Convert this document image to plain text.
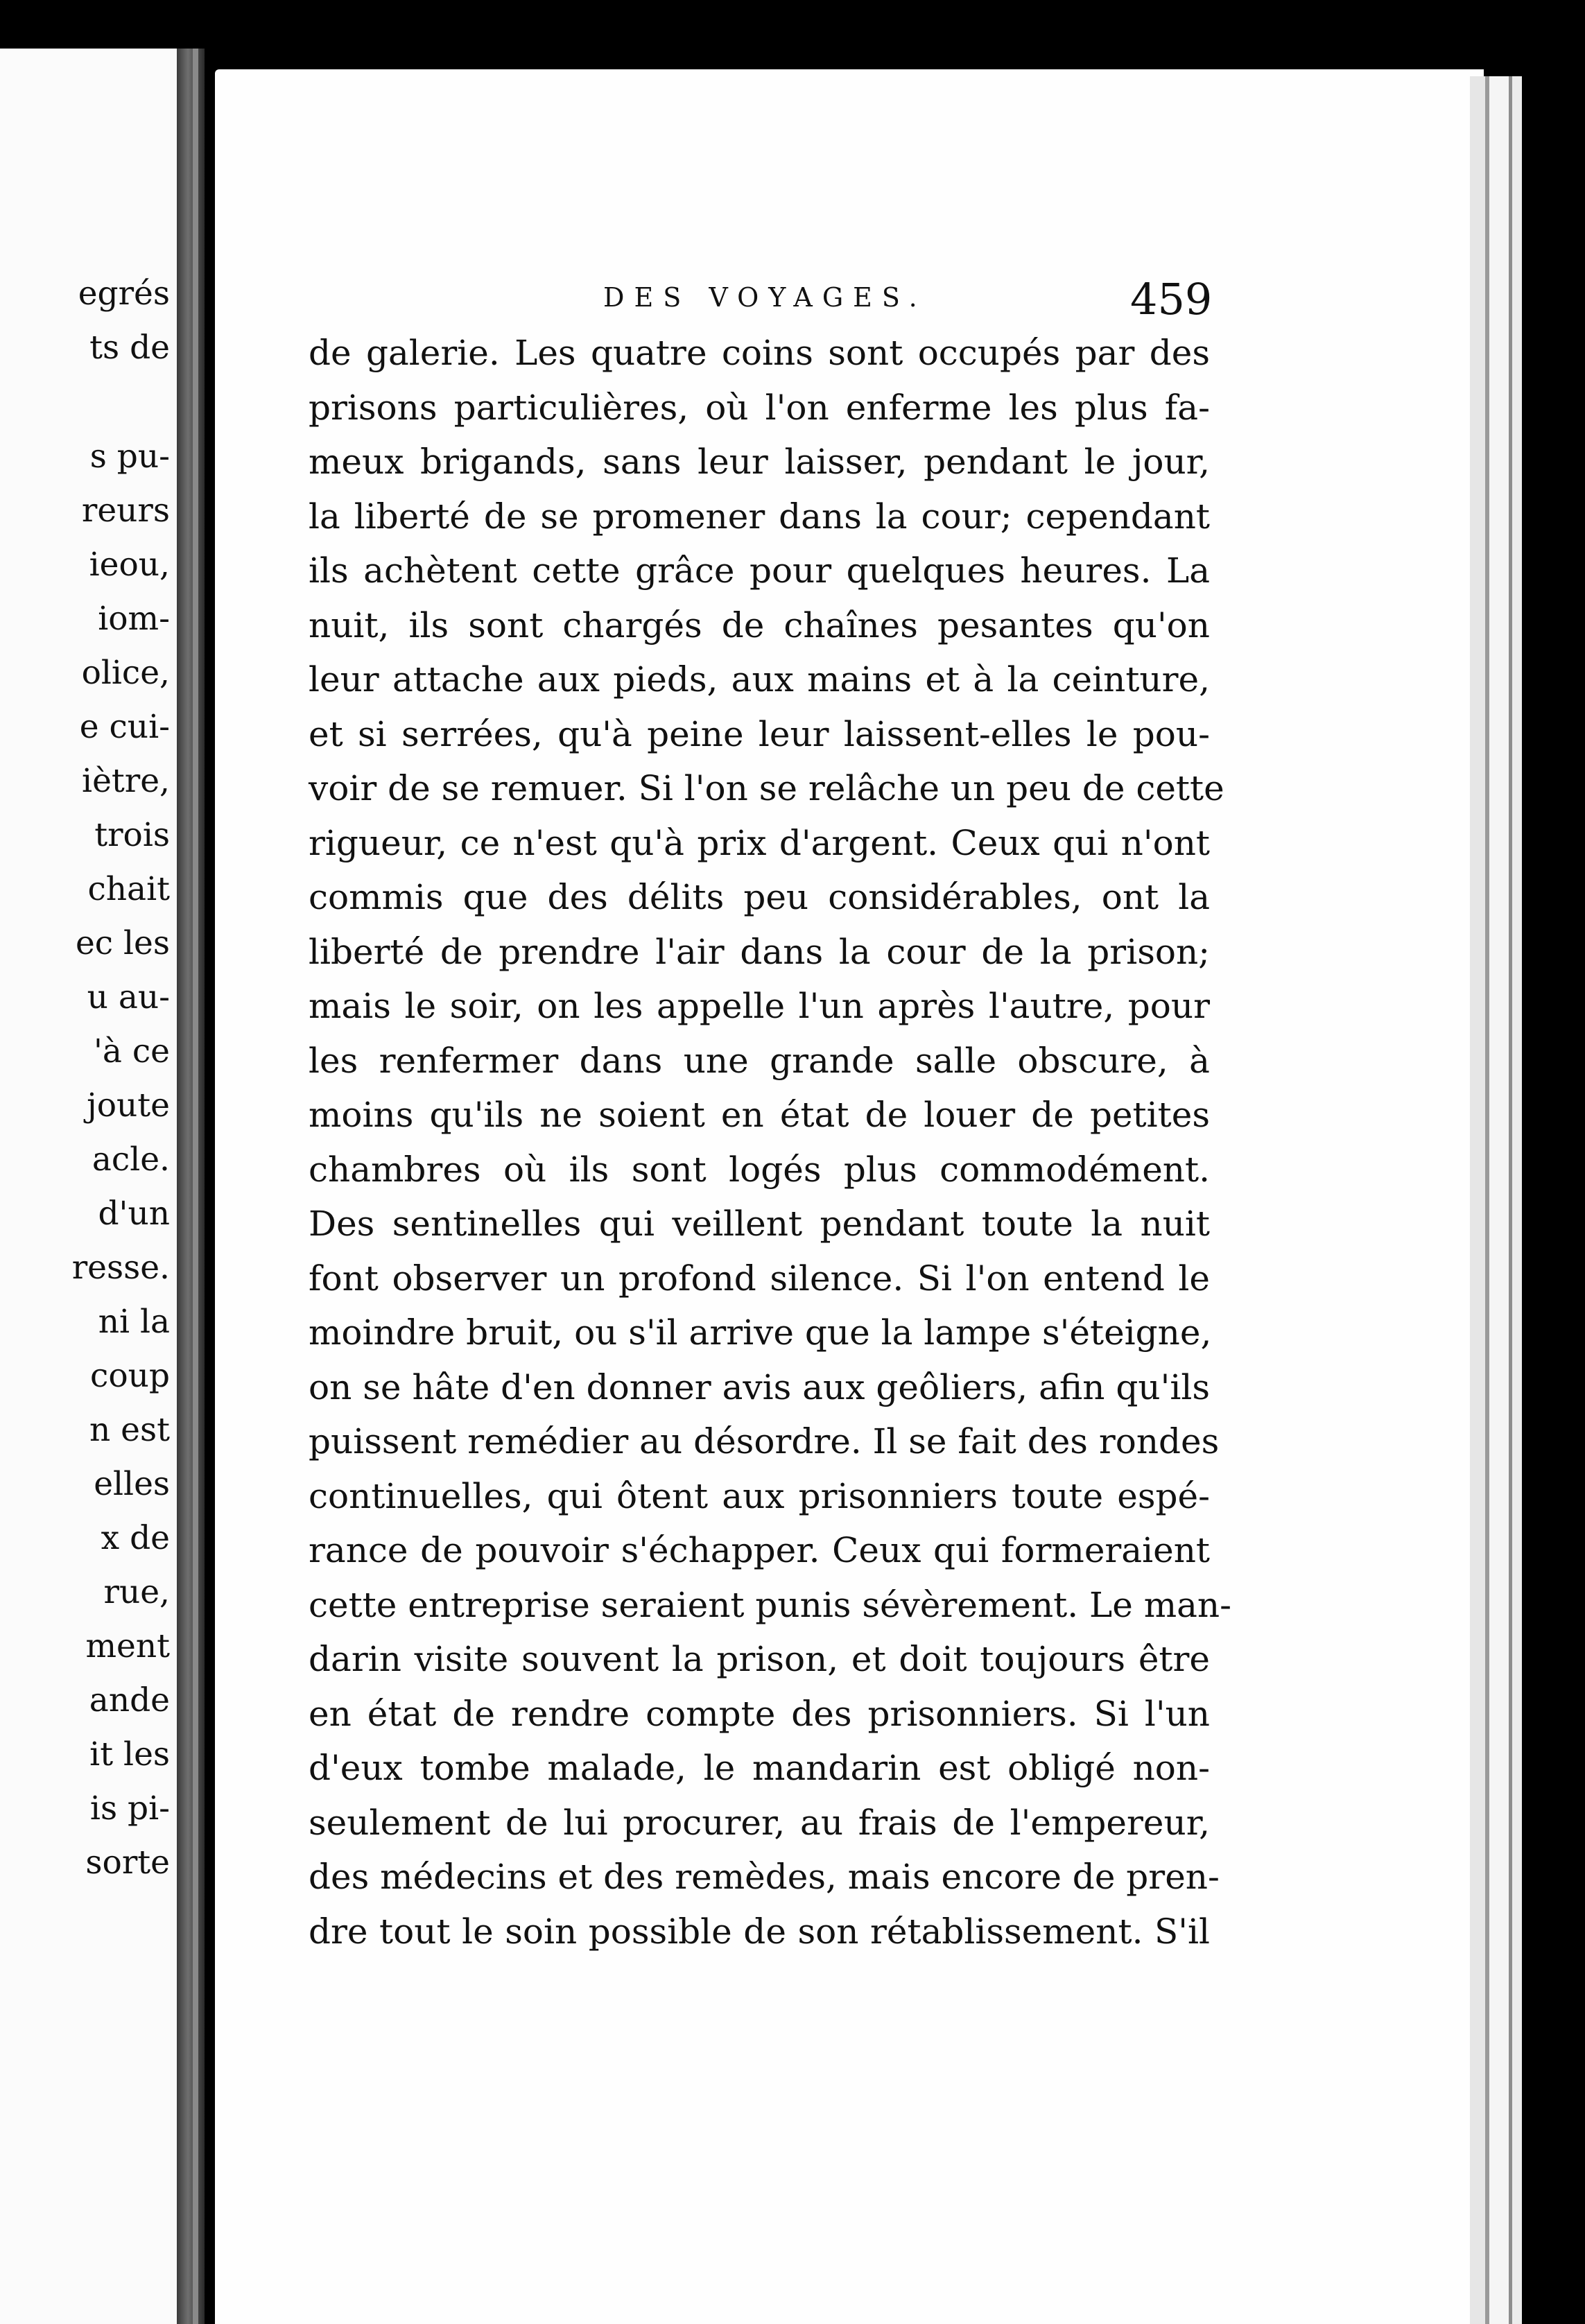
egrés
ts de
s pu-
reurs
ieou,
iom-
olice,
e cui-
iètre,
trois
chait
ec les
u au-
'à ce
joute
acle.
d'un
resse.
ni la
coup
n est
elles
x de
rue,
ment
ande
it les
is pi-
sorte
DES VOYAGES.	459
de galerie. Les quatre coins sont occupés par des
prisons particulières, où l'on enferme les plus fa-
meux brigands, sans leur laisser, pendant le jour,
la liberté de se promener dans la cour; cependant
ils achètent cette grâce pour quelques heures. La
nuit, ils sont chargés de chaînes pesantes qu'on
leur attache aux pieds, aux mains et à la ceinture,
et si serrées, qu'à peine leur laissent-elles le pou-
voir de se remuer. Si l'on se relâche un peu de cette
rigueur, ce n'est qu'à prix d'argent. Ceux qui n'ont
commis que des délits peu considérables, ont la
liberté de prendre l'air dans la cour de la prison;
mais le soir, on les appelle l'un après l'autre, pour
les renfermer dans une grande salle obscure, à
moins qu'ils ne soient en état de louer de petites
chambres où ils sont logés plus commodément.
Des sentinelles qui veillent pendant toute la nuit
font observer un profond silence. Si l'on entend le
moindre bruit, ou s'il arrive que la lampe s'éteigne,
on se hâte d'en donner avis aux geôliers, afin qu'ils
puissent remédier au désordre. Il se fait des rondes
continuelles, qui ôtent aux prisonniers toute espé-
rance de pouvoir s'échapper. Ceux qui formeraient
cette entreprise seraient punis sévèrement. Le man-
darin visite souvent la prison, et doit toujours être
en état de rendre compte des prisonniers. Si l'un
d'eux tombe malade, le mandarin est obligé non-
seulement de lui procurer, au frais de l'empereur,
des médecins et des remèdes, mais encore de pren-
dre tout le soin possible de son rétablissement. S'il
